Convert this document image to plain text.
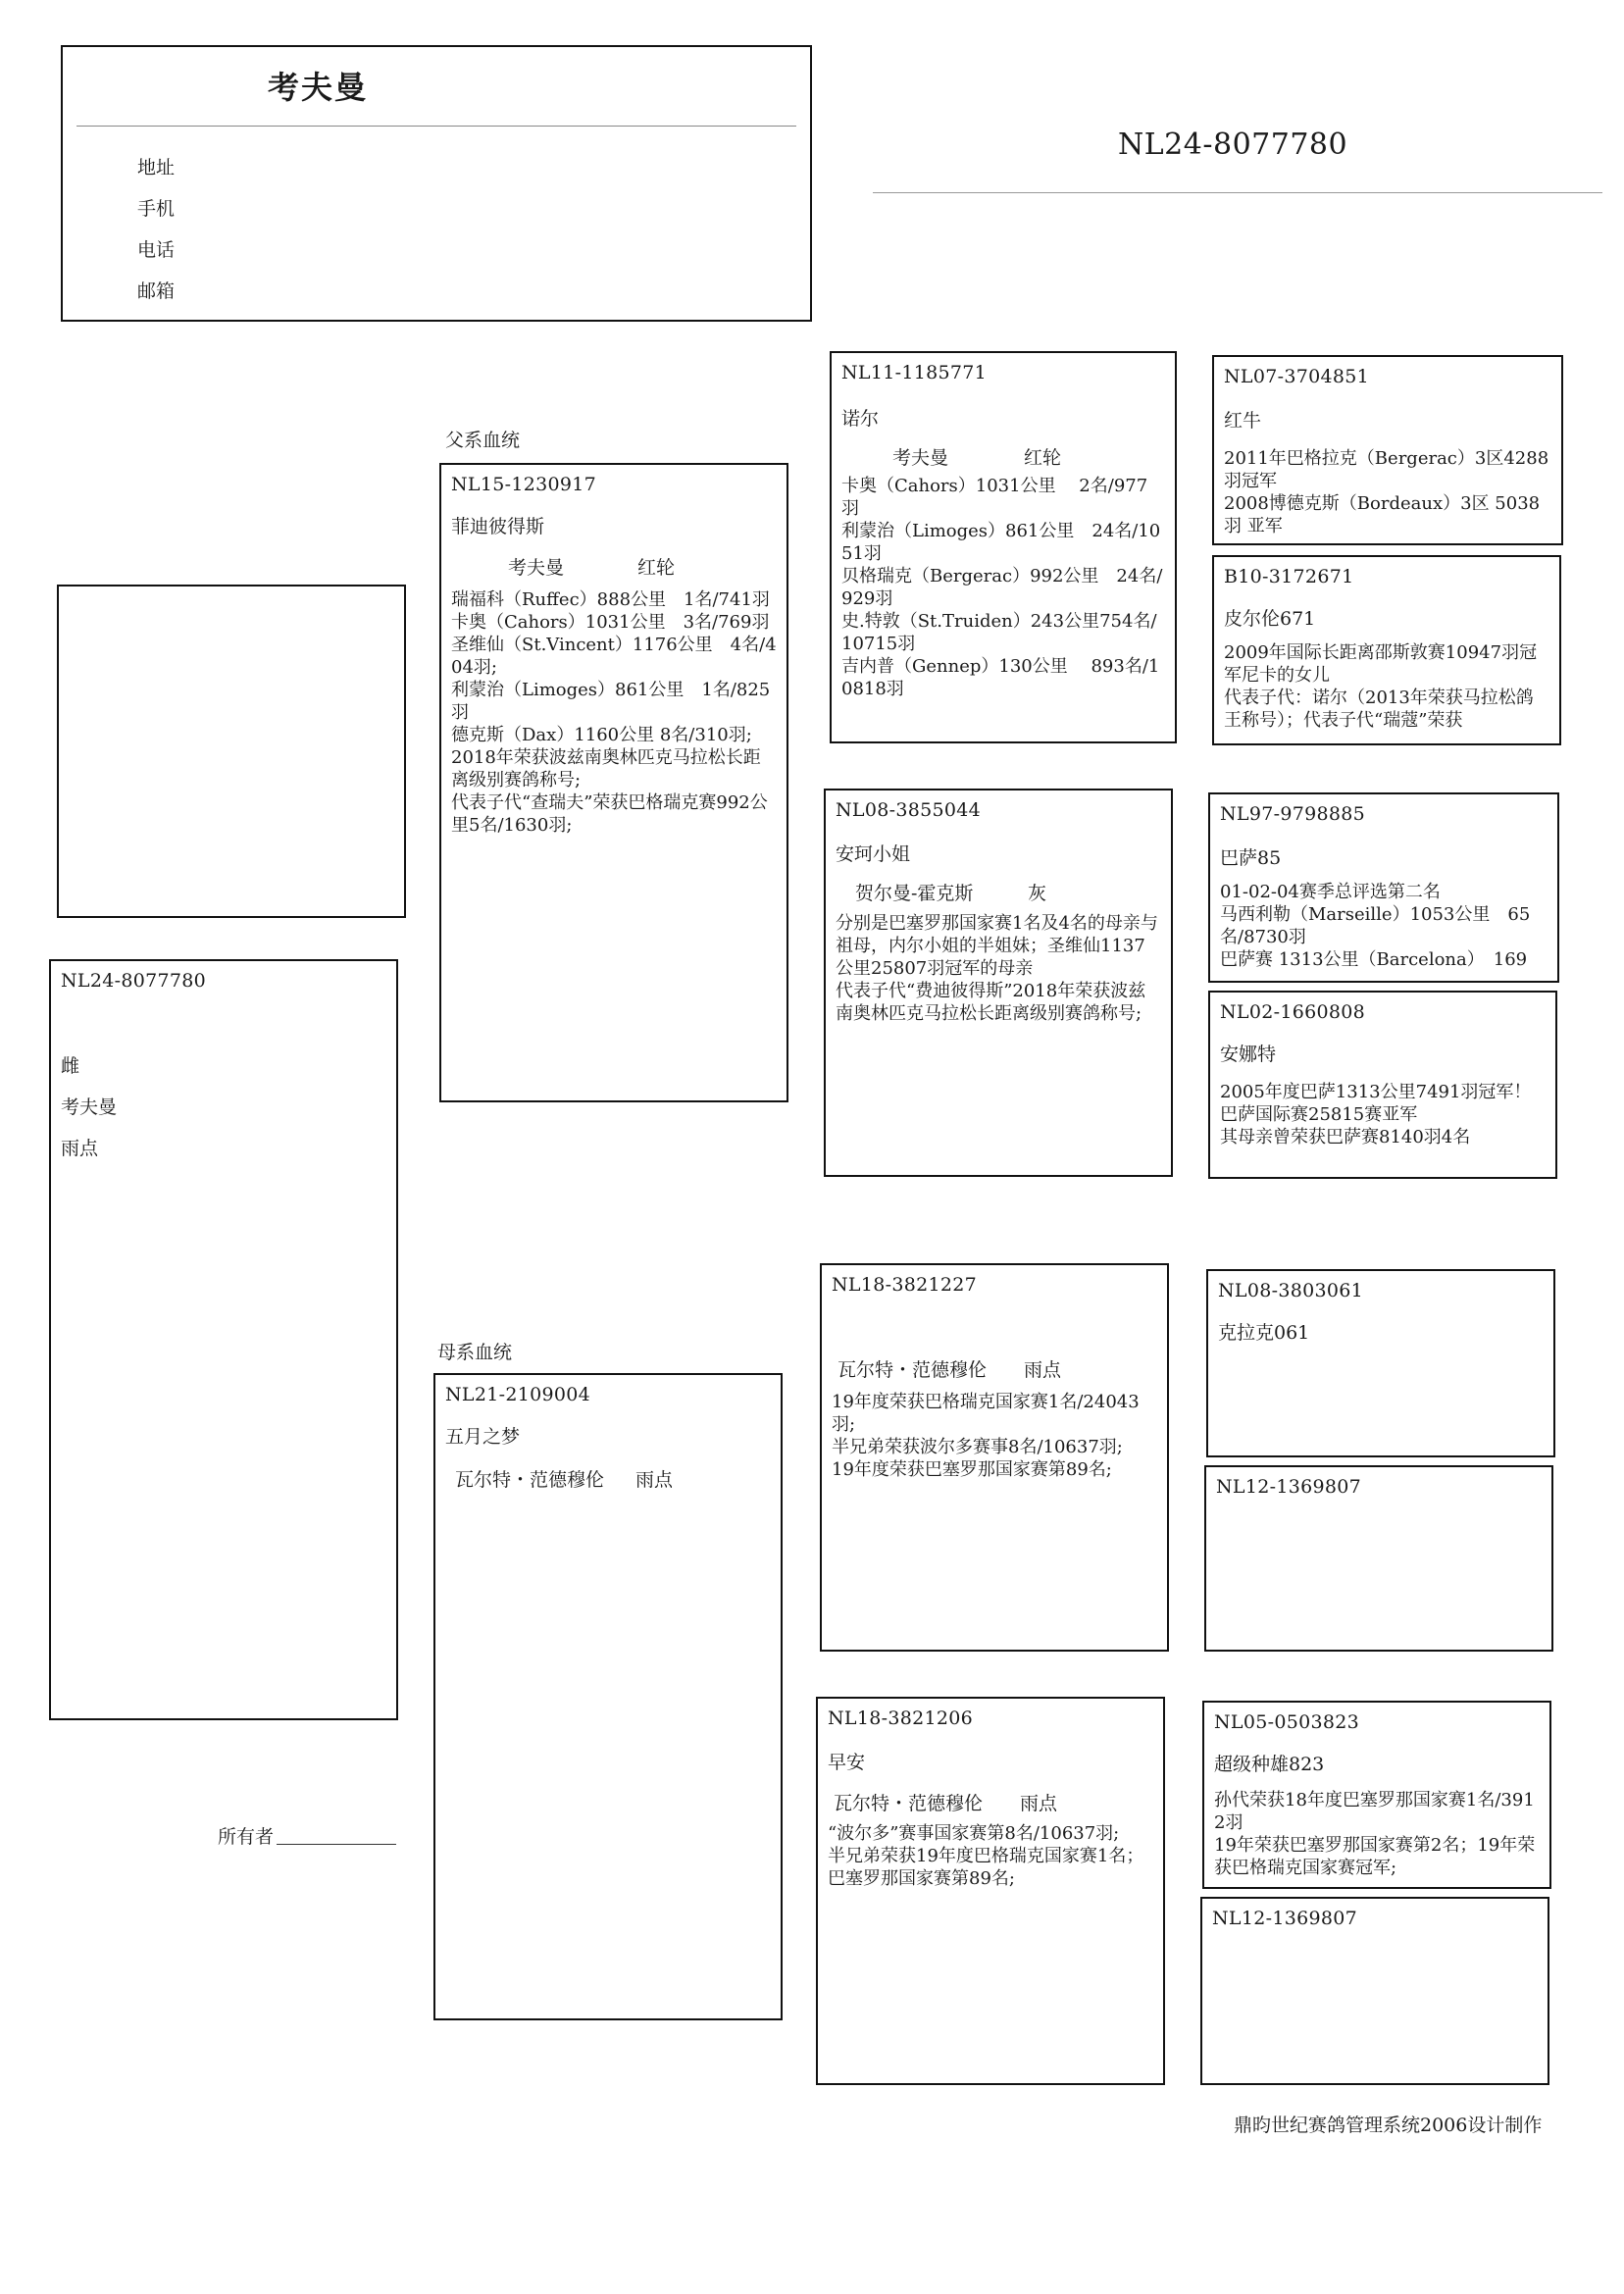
考夫曼
地址
手机
电话
邮箱
NL24-8077780
NL24-8077780
雌
考夫曼
雨点
父系血统
母系血统
NL15-1230917
菲迪彼得斯
考夫曼	红轮
瑞福科（Ruffec）888公里　1名/741羽
卡奥（Cahors）1031公里　3名/769羽
圣维仙（St.Vincent）1176公里　4名/404羽;
利蒙治（Limoges）861公里　1名/825羽
德克斯（Dax）1160公里 8名/310羽;
2018年荣获波兹南奥林匹克马拉松长距离级别赛鸽称号;
代表子代“查瑞夫”荣获巴格瑞克赛992公里5名/1630羽;
NL21-2109004
五月之梦
瓦尔特・范德穆伦 雨点
NL11-1185771
诺尔
考夫曼	红轮
卡奥（Cahors）1031公里　 2名/977羽
利蒙治（Limoges）861公里　24名/1051羽
贝格瑞克（Bergerac）992公里　24名/929羽
史.特敦（St.Truiden）243公里754名/10715羽
吉内普（Gennep）130公里　 893名/10818羽
NL08-3855044
安珂小姐
贺尔曼-霍克斯	灰
分别是巴塞罗那国家赛1名及4名的母亲与祖母，内尔小姐的半姐妹；圣维仙1137公里25807羽冠军的母亲
代表子代“费迪彼得斯”2018年荣获波兹南奥林匹克马拉松长距离级别赛鸽称号;
NL18-3821227
瓦尔特・范德穆伦 雨点
19年度荣获巴格瑞克国家赛1名/24043羽;
半兄弟荣获波尔多赛事8名/10637羽;
19年度荣获巴塞罗那国家赛第89名;
NL18-3821206
早安
瓦尔特・范德穆伦 雨点
“波尔多”赛事国家赛第8名/10637羽;
半兄弟荣获19年度巴格瑞克国家赛1名；巴塞罗那国家赛第89名;
NL07-3704851
红牛
2011年巴格拉克（Bergerac）3区4288羽冠军
2008博德克斯（Bordeaux）3区 5038羽 亚军
B10-3172671
皮尔伦671
2009年国际长距离邵斯敦赛10947羽冠军尼卡的女儿
代表子代：诺尔（2013年荣获马拉松鸽王称号）；代表子代“瑞蔻”荣获
NL97-9798885
巴萨85
01-02-04赛季总评选第二名
马西利勒（Marseille）1053公里　65名/8730羽
巴萨赛 1313公里（Barcelona）　169
NL02-1660808
安娜特
2005年度巴萨1313公里7491羽冠军！
巴萨国际赛25815赛亚军
其母亲曾荣获巴萨赛8140羽4名
NL08-3803061
克拉克061
NL12-1369807
NL05-0503823
超级种雄823
孙代荣获18年度巴塞罗那国家赛1名/3912羽
19年荣获巴塞罗那国家赛第2名；19年荣获巴格瑞克国家赛冠军;
NL12-1369807
所有者
鼎昀世纪赛鸽管理系统2006设计制作
